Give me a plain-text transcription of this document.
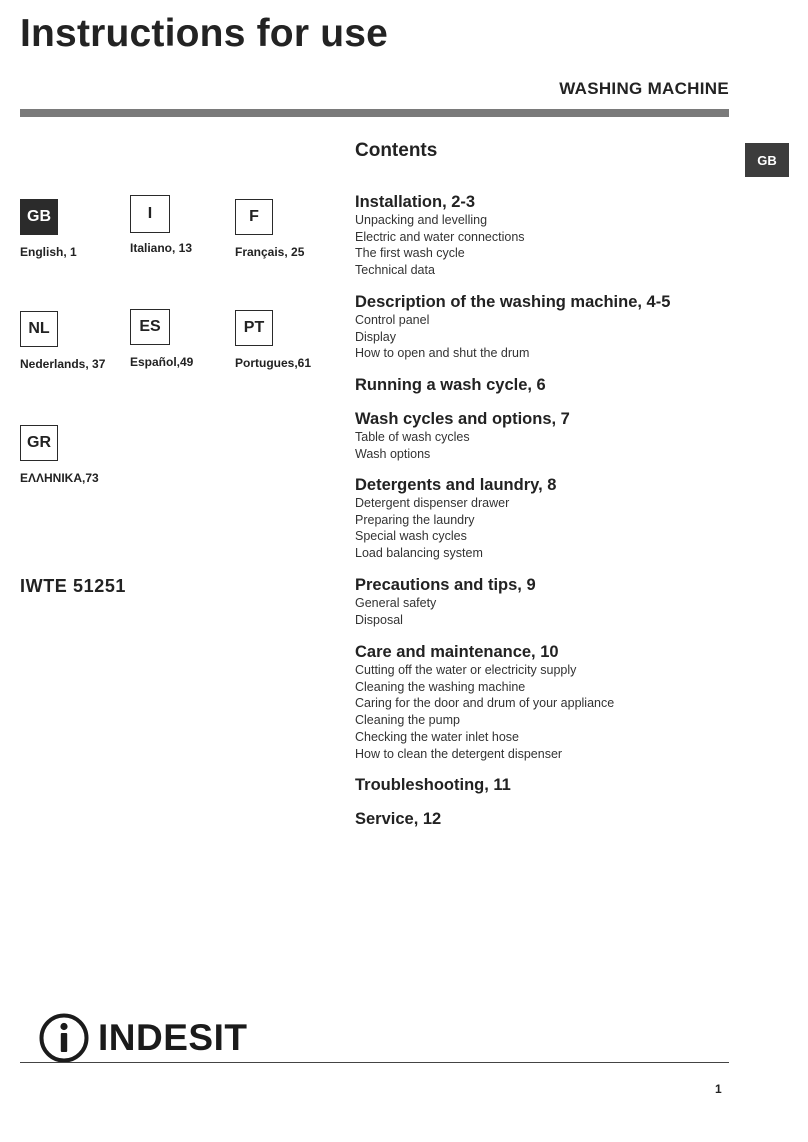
Instructions for use
WASHING MACHINE
GB
GB
English, 1
I
Italiano, 13
F
Français, 25
NL
Nederlands, 37
ES
Español,49
PT
Portugues,61
GR
ΕΛΛΗΝΙΚΑ,73
IWTE 51251
Contents
Installation, 2-3
Unpacking and levelling
Electric and water connections
The first wash cycle
Technical data
Description of the washing machine, 4-5
Control panel
Display
How to open and shut the drum
Running a wash cycle, 6
Wash cycles and options, 7
Table of wash cycles
Wash options
Detergents and laundry, 8
Detergent dispenser drawer
Preparing the laundry
Special wash cycles
Load balancing system
Precautions and tips, 9
General safety
Disposal
Care and maintenance, 10
Cutting off the water or electricity supply
Cleaning the washing machine
Caring for the door and drum of your appliance
Cleaning the pump
Checking the water inlet hose
How to clean the detergent dispenser
Troubleshooting, 11
Service, 12
INDESIT
1
